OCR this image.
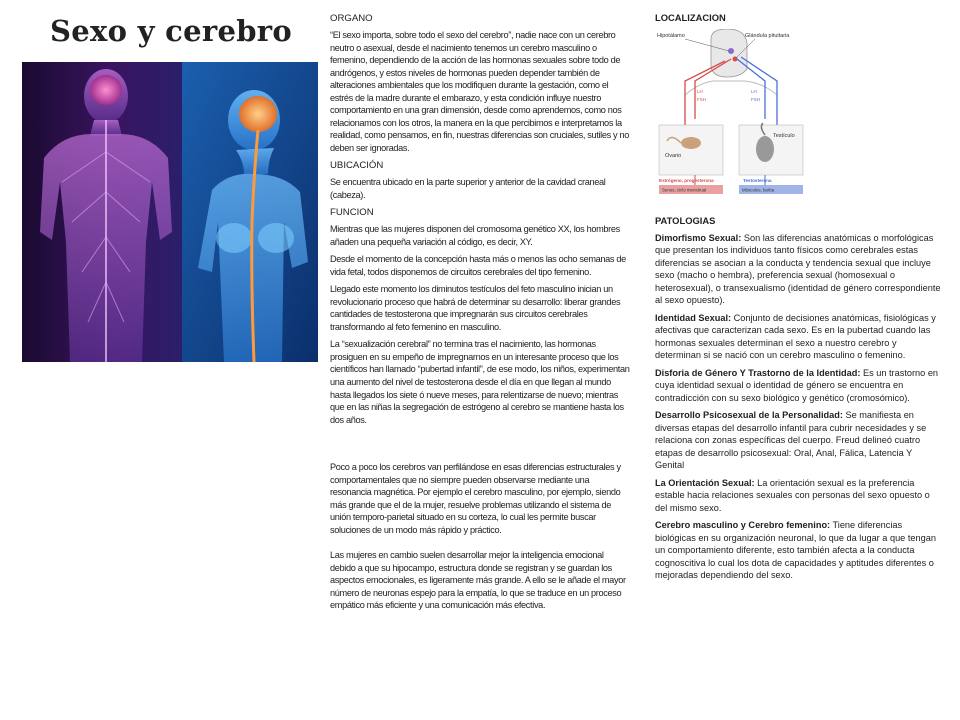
Sexo y cerebro	ORGANO

“El sexo importa, sobre todo el sexo del cerebro”, nadie nace con un cerebro neutro o asexual, desde el nacimiento tenemos un cerebro masculino o femenino, dependiendo de la acción de las hormonas sexuales sobre todo de andrógenos, y estos niveles de hormonas pueden depender también de alteraciones ambientales que los modifiquen durante la gestación, como el estrés de la madre durante el embarazo, y esta condición influye nuestro comportamiento en una gran dimensión, desde como aprendemos, como nos relacionamos con los otros, la manera en la que percibimos e interpretamos la realidad, como pensamos, en fin, nuestras diferencias son cruciales, sutiles y no deben ser ignoradas.

UBICACIÓN

Se encuentra ubicado en la parte superior y anterior de la cavidad craneal (cabeza).

FUNCION

Mientras que las mujeres disponen del cromosoma genético XX, los hombres añaden una pequeña variación al código, es decir, XY.

Desde el momento de la concepción hasta más o menos las ocho semanas de vida fetal, todos disponemos de circuitos cerebrales del tipo femenino.

Llegado este momento los diminutos testículos del feto masculino inician un revolucionario proceso que habrá de determinar su desarrollo: liberar grandes cantidades de testosterona que impregnarán sus circuitos cerebrales transformando al feto femenino en masculino.

La “sexualización cerebral” no termina tras el nacimiento, las hormonas prosiguen en su empeño de impregnarnos en un interesante proceso que los científicos han llamado “pubertad infantil”, de ese modo, los niños, experimentan una aumento del nivel de testosterona desde el día en que llegan al mundo hasta llegados los siete ó nueve meses, para relentizarse de nuevo; mientras que en las niñas la segregación de estrógeno al cerebro se mantiene hasta los dos años.

Poco a poco los cerebros van perfilándose en esas diferencias estructurales y comportamentales que no siempre pueden observarse mediante una resonancia magnética. Por ejemplo el cerebro masculino, por ejemplo, siendo más grande que el de la mujer, resuelve problemas utilizando el sistema de unión temporo-parietal situado en su corteza, lo cual les permite buscar soluciones de un modo más rápido y práctico.

Las mujeres en cambio suelen desarrollar mejor la inteligencia emocional debido a que su hipocampo, estructura donde se registran y se guardan los aspectos emocionales, es ligeramente más grande. A ello se le añade el mayor número de neuronas espejo para la empatía, lo que se traduce en un proceso empático más eficiente y una comunicación más efectiva.

LOCALIZACION

Hipotálamo	Glándula pituitaria
LH
FSH
LH
FSH
Ovario
Testículo
Estrógeno, progesterona	Testosterona
Senos, ciclo menstrual	Músculos, barba

PATOLOGIAS

Dimorfismo Sexual: Son las diferencias anatómicas o morfológicas que presentan los individuos tanto físicos como cerebrales estas diferencias se asocian a la conducta y tendencia sexual que incluye sexo (macho o hembra), preferencia sexual (homosexual o heterosexual), o transexualismo (identidad de género correspondiente al sexo opuesto).

Identidad Sexual: Conjunto de decisiones anatómicas, fisiológicas y afectivas que caracterizan cada sexo. Es en la pubertad cuando las hormonas sexuales determinan el sexo a nuestro cerebro y determinan si se nació con un cerebro masculino o femenino.

Disforia de Género Y Trastorno de la Identidad: Es un trastorno en cuya identidad sexual o identidad de género se encuentra en contradicción con su sexo biológico y genético (cromosómico).

Desarrollo Psicosexual de la Personalidad: Se manifiesta en diversas etapas del desarrollo infantil para cubrir necesidades y se relaciona con zonas específicas del cuerpo. Freud delineó cuatro etapas de desarrollo psicosexual: Oral, Anal, Fálica, Latencia Y Genital

La Orientación Sexual: La orientación sexual es la preferencia estable hacia relaciones sexuales con personas del sexo opuesto o del mismo sexo.

Cerebro masculino y Cerebro femenino: Tiene diferencias biológicas en su organización neuronal, lo que da lugar a que tengan un comportamiento diferente, esto también afecta a la conducta cognoscitiva lo cual los dota de capacidades y aptitudes diferentes o mejoradas dependiendo del sexo.
